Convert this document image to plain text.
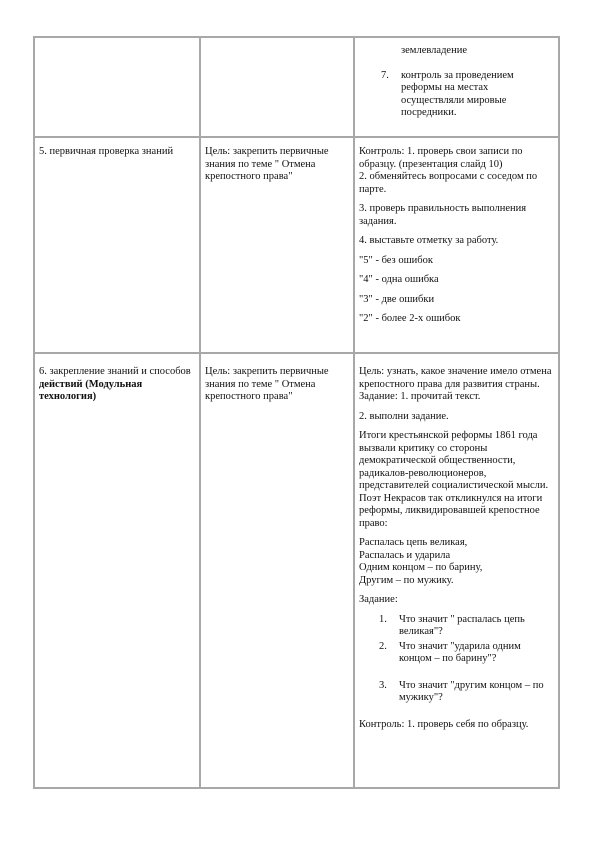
землевладение

7. контроль за проведением реформы на местах осуществляли мировые посредники.

5. первичная проверка знаний	Цель: закрепить первичные знания по теме " Отмена крепостного права"

Контроль: 1. проверь свои записи по образцу. (презентация слайд 10)

2. обменяйтесь вопросами с соседом по парте.

3. проверь правильность выполнения задания.

4. выставьте отметку за работу.

"5" - без ошибок

"4" - одна ошибка

"3" - две ошибки

"2" - более 2-х ошибок

6. закрепление знаний и способов

действий (Модульная технология)

Цель: закрепить первичные знания по теме " Отмена крепостного права"

Цель: узнать, какое значение имело отмена крепостного права для развития страны.

Задание: 1. прочитай текст.

2. выполни задание.

Итоги крестьянской реформы 1861 года вызвали критику со стороны демократической общественности, радикалов-революционеров, представителей социалистической мысли. Поэт Некрасов так откликнулся на итоги реформы, ликвидировавшей крепостное право:

Распалась цепь великая,

Распалась и ударила

Одним концом – по барину,

Другим – по мужику.

Задание:

1. Что значит " распалась цепь великая"?
2. Что значит "ударила одним концом – по барину"?
3. Что значит "другим концом – по мужику"?

Контроль: 1. проверь себя по образцу.
